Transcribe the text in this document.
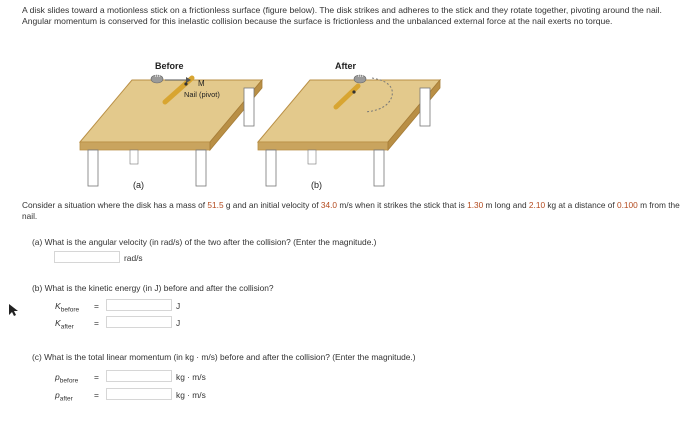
A disk slides toward a motionless stick on a frictionless surface (figure below). The disk strikes and adheres to the stick and they rotate together, pivoting around the nail. Angular momentum is conserved for this inelastic collision because the surface is frictionless and the unbalanced external force at the nail exerts no torque.
Before	After
M
Nail (pivot)
m	m
(a)	(b)
Consider a situation where the disk has a mass of 51.5 g and an initial velocity of 34.0 m/s when it strikes the stick that is 1.30 m long and 2.10 kg at a distance of 0.100 m from the nail.
(a) What is the angular velocity (in rad/s) of the two after the collision? (Enter the magnitude.)
rad/s
(b) What is the kinetic energy (in J) before and after the collision?
$K_{before}$ =	J
$K_{after}$ =	J
(c) What is the total linear momentum (in kg · m/s) before and after the collision? (Enter the magnitude.)
$p_{before}$ =	kg · m/s
$p_{after}$	=	kg · m/s
